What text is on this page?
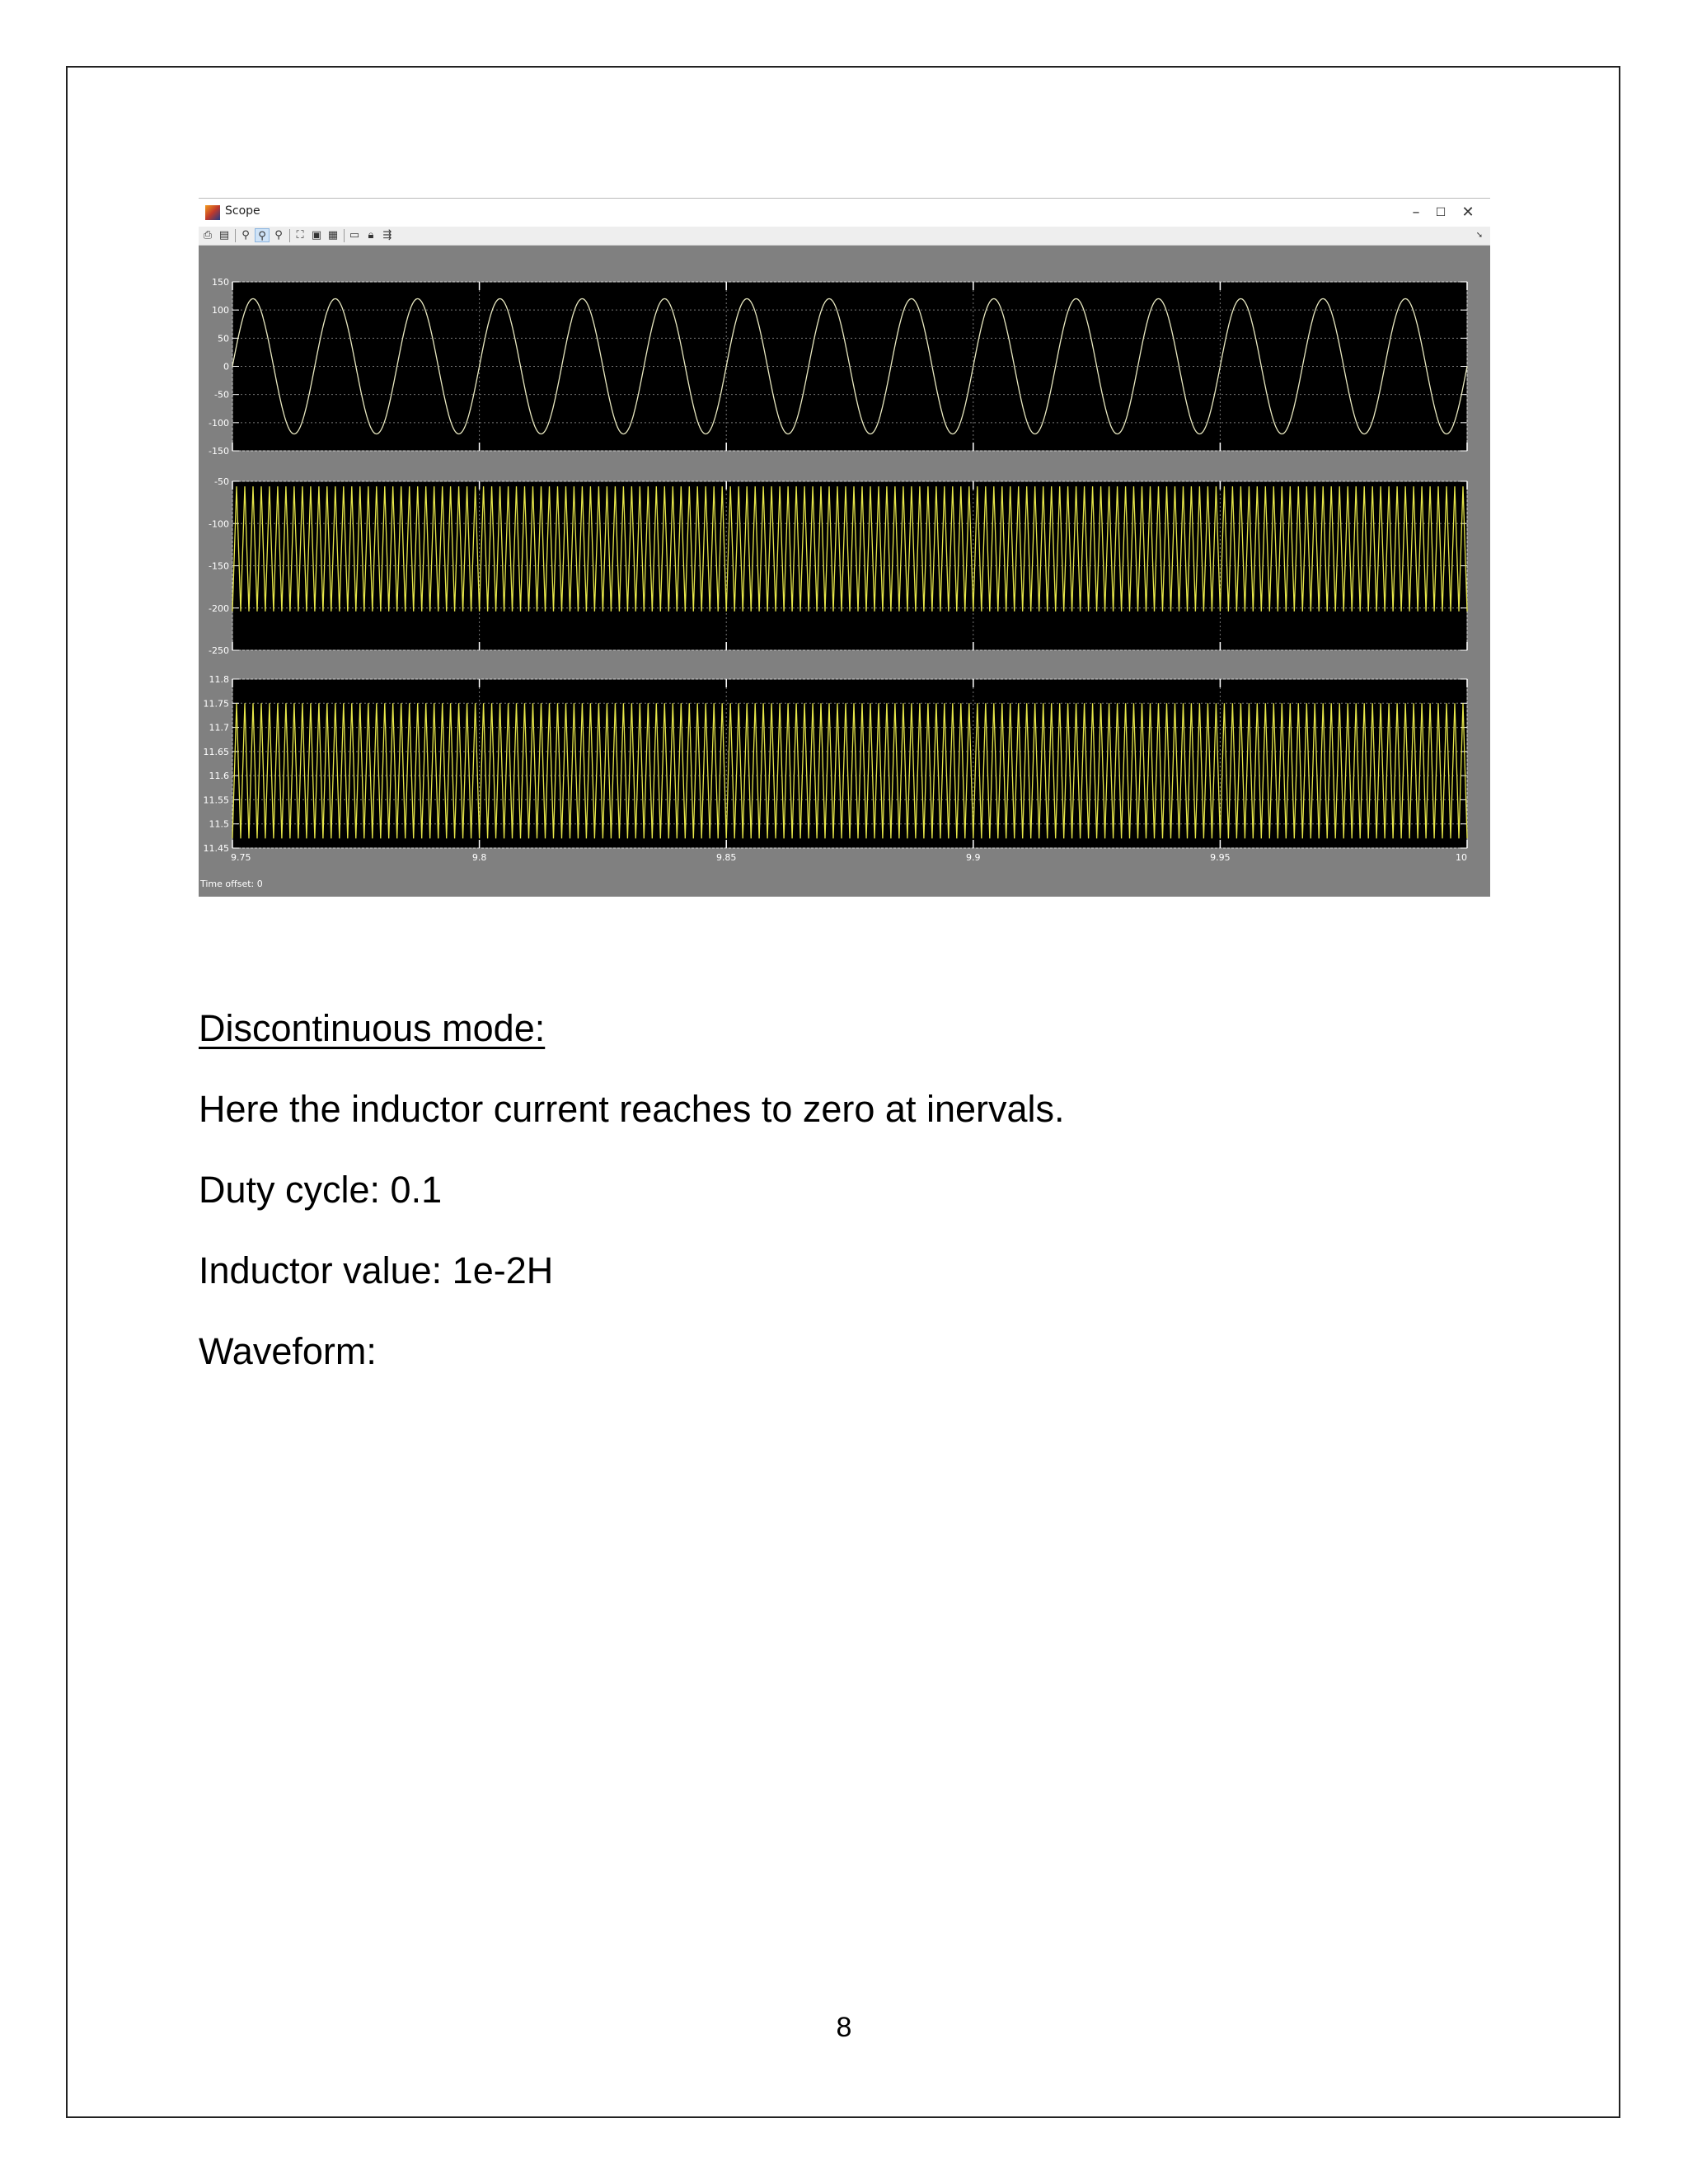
150
100
50
0
-50
-100
-150
-50
-100
-150
-200
-250
11.8
11.75
11.7
11.65
11.6
11.55
11.5
11.45
9.75	9.8	9.85	9.9	9.95	10
Scope	–	☐	✕
⎙ ▤	⚲ ⚲ ⚲	⛶ ▣ ▦ ▭ 🔒︎ ⇶	➘
Time offset: 0
Discontinuous mode:
Here the inductor current reaches to zero at inervals.
Duty cycle: 0.1
Inductor value: 1e-2H
Waveform:
8
